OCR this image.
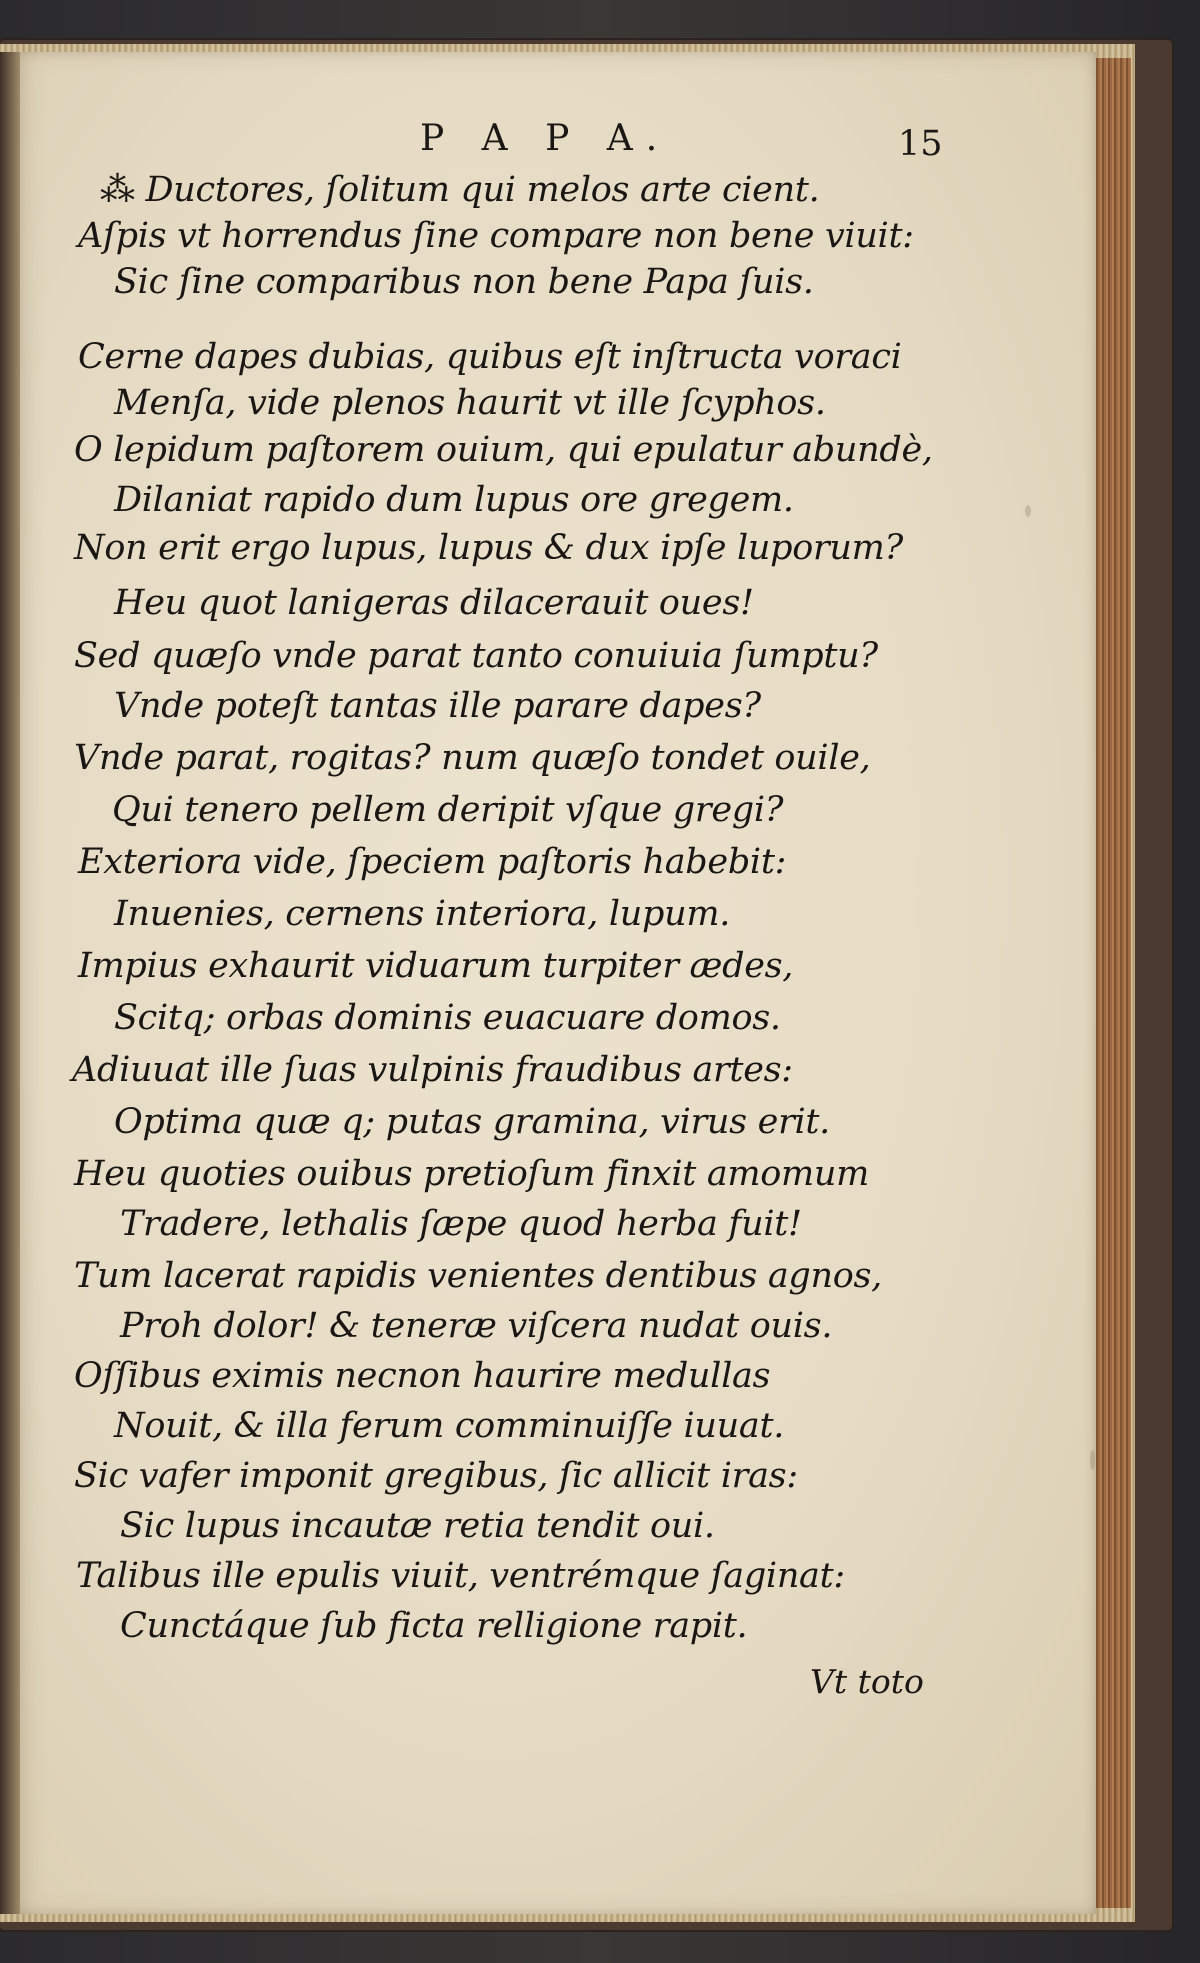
P A P A.	15

⁂ Ductores, ſolitum qui melos arte cient.
Aſpis vt horrendus ſine compare non bene viuit:
Sic ſine comparibus non bene Papa ſuis.
Cerne dapes dubias, quibus eſt inſtructa voraci
Menſa, vide plenos haurit vt ille ſcyphos.
O lepidum paſtorem ouium, qui epulatur abundè,
Dilaniat rapido dum lupus ore gregem.
Non erit ergo lupus, lupus & dux ipſe luporum?
Heu quot lanigeras dilacerauit oues!
Sed quæſo vnde parat tanto conuiuia ſumptu?
Vnde poteſt tantas ille parare dapes?
Vnde parat, rogitas? num quæſo tondet ouile,
Qui tenero pellem deripit vſque gregi?
Exteriora vide, ſpeciem paſtoris habebit:
Inuenies, cernens interiora, lupum.
Impius exhaurit viduarum turpiter ædes,
Scitq; orbas dominis euacuare domos.
Adiuuat ille ſuas vulpinis fraudibus artes:
Optima quæ q; putas gramina, virus erit.
Heu quoties ouibus pretioſum finxit amomum
Tradere, lethalis ſæpe quod herba fuit!
Tum lacerat rapidis venientes dentibus agnos,
Proh dolor! & teneræ viſcera nudat ouis.
Oſſibus eximis necnon haurire medullas
Nouit, & illa ferum comminuiſſe iuuat.
Sic vafer imponit gregibus, ſic allicit iras:
Sic lupus incautæ retia tendit oui.
Talibus ille epulis viuit, ventrémque ſaginat:
Cunctáque ſub ficta relligione rapit.

Vt toto
